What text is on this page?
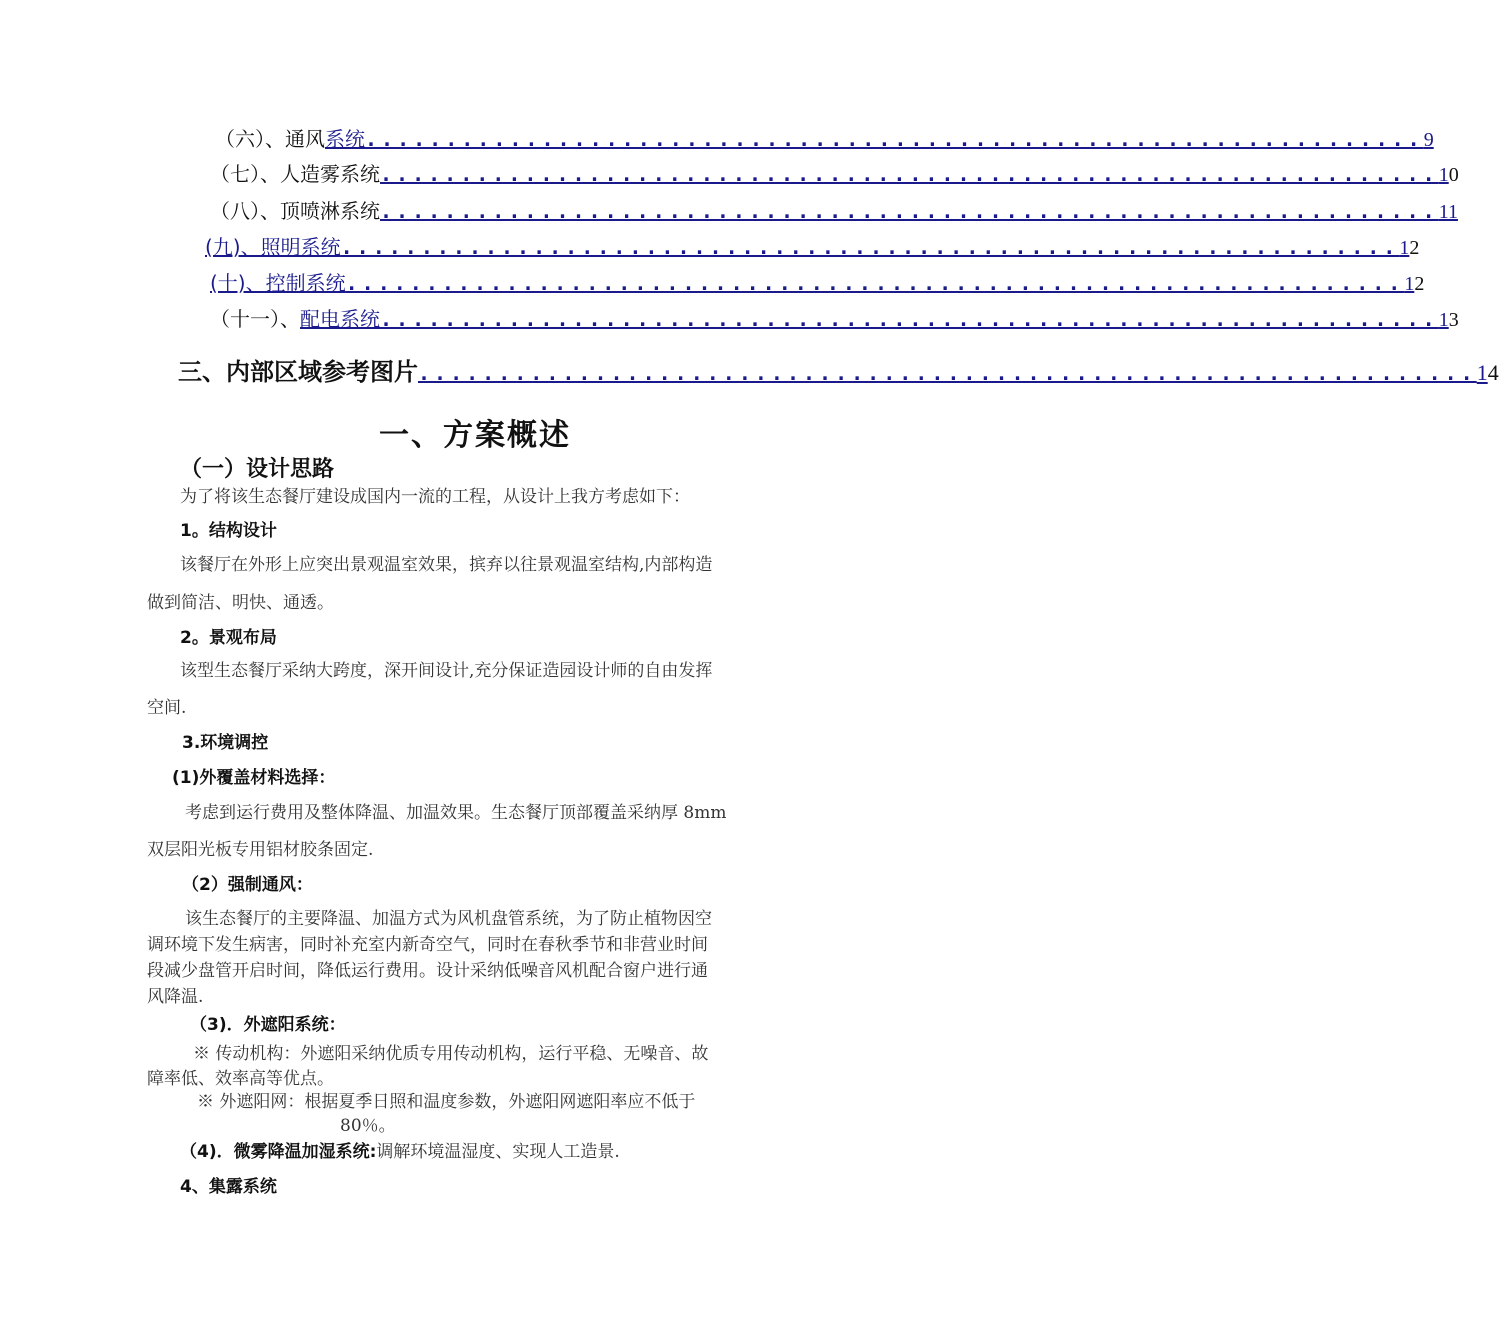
（六）、通风系统 .................................................................. 9
（七）、人造雾系统 .................................................................. 10
（八）、顶喷淋系统 .................................................................. 11
(九)、照明系统 .................................................................. 12
(十)、控制系统 .................................................................. 12
（十一）、配电系统 .................................................................. 13
三、内部区域参考图片 .................................................................. 14
一、方案概述
（一）设计思路
为了将该生态餐厅建设成国内一流的工程，从设计上我方考虑如下：
1。结构设计
该餐厅在外形上应突出景观温室效果，摈弃以往景观温室结构,内部构造
做到简洁、明快、通透。
2。景观布局
该型生态餐厅采纳大跨度，深开间设计,充分保证造园设计师的自由发挥
空间.
3.环境调控
(1)外覆盖材料选择：
考虑到运行费用及整体降温、加温效果。生态餐厅顶部覆盖采纳厚 8mm
双层阳光板专用铝材胶条固定.
（2）强制通风：
该生态餐厅的主要降温、加温方式为风机盘管系统，为了防止植物因空
调环境下发生病害，同时补充室内新奇空气，同时在春秋季节和非营业时间
段减少盘管开启时间，降低运行费用。设计采纳低噪音风机配合窗户进行通
风降温.
（3)．外遮阳系统：
※ 传动机构：外遮阳采纳优质专用传动机构，运行平稳、无噪音、故
障率低、效率高等优点。
※ 外遮阳网：根据夏季日照和温度参数，外遮阳网遮阳率应不低于
80％。
（4)．微雾降温加湿系统:调解环境温湿度、实现人工造景.
4、集露系统
